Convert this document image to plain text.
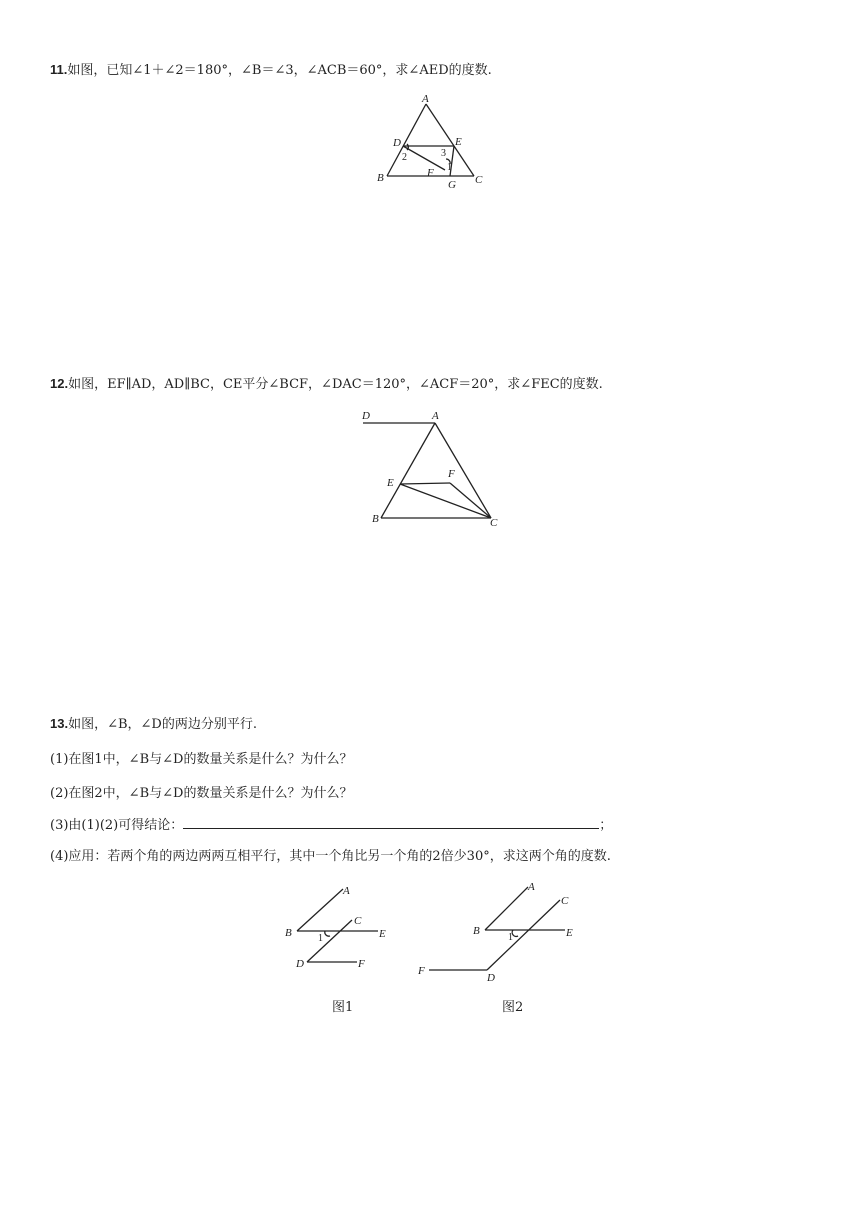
11.如图，已知∠1＋∠2＝180°，∠B＝∠3，∠ACB＝60°，求∠AED的度数.
A
D	E
2	3
1
B	F
G C
12.如图，EF∥AD，AD∥BC，CE平分∠BCF，∠DAC＝120°，∠ACF＝20°，求∠FEC的度数.
D	A
F
E
B	C
13.如图，∠B，∠D的两边分别平行.
(1)在图1中，∠B与∠D的数量关系是什么？为什么？
(2)在图2中，∠B与∠D的数量关系是什么？为什么？
(3)由(1)(2)可得结论：	；
(4)应用：若两个角的两边两两互相平行，其中一个角比另一个角的2倍少30°，求这两个角的度数.
A
C
B	1	E
D	F
图1
A
C
B
1	E
F
D
图2
